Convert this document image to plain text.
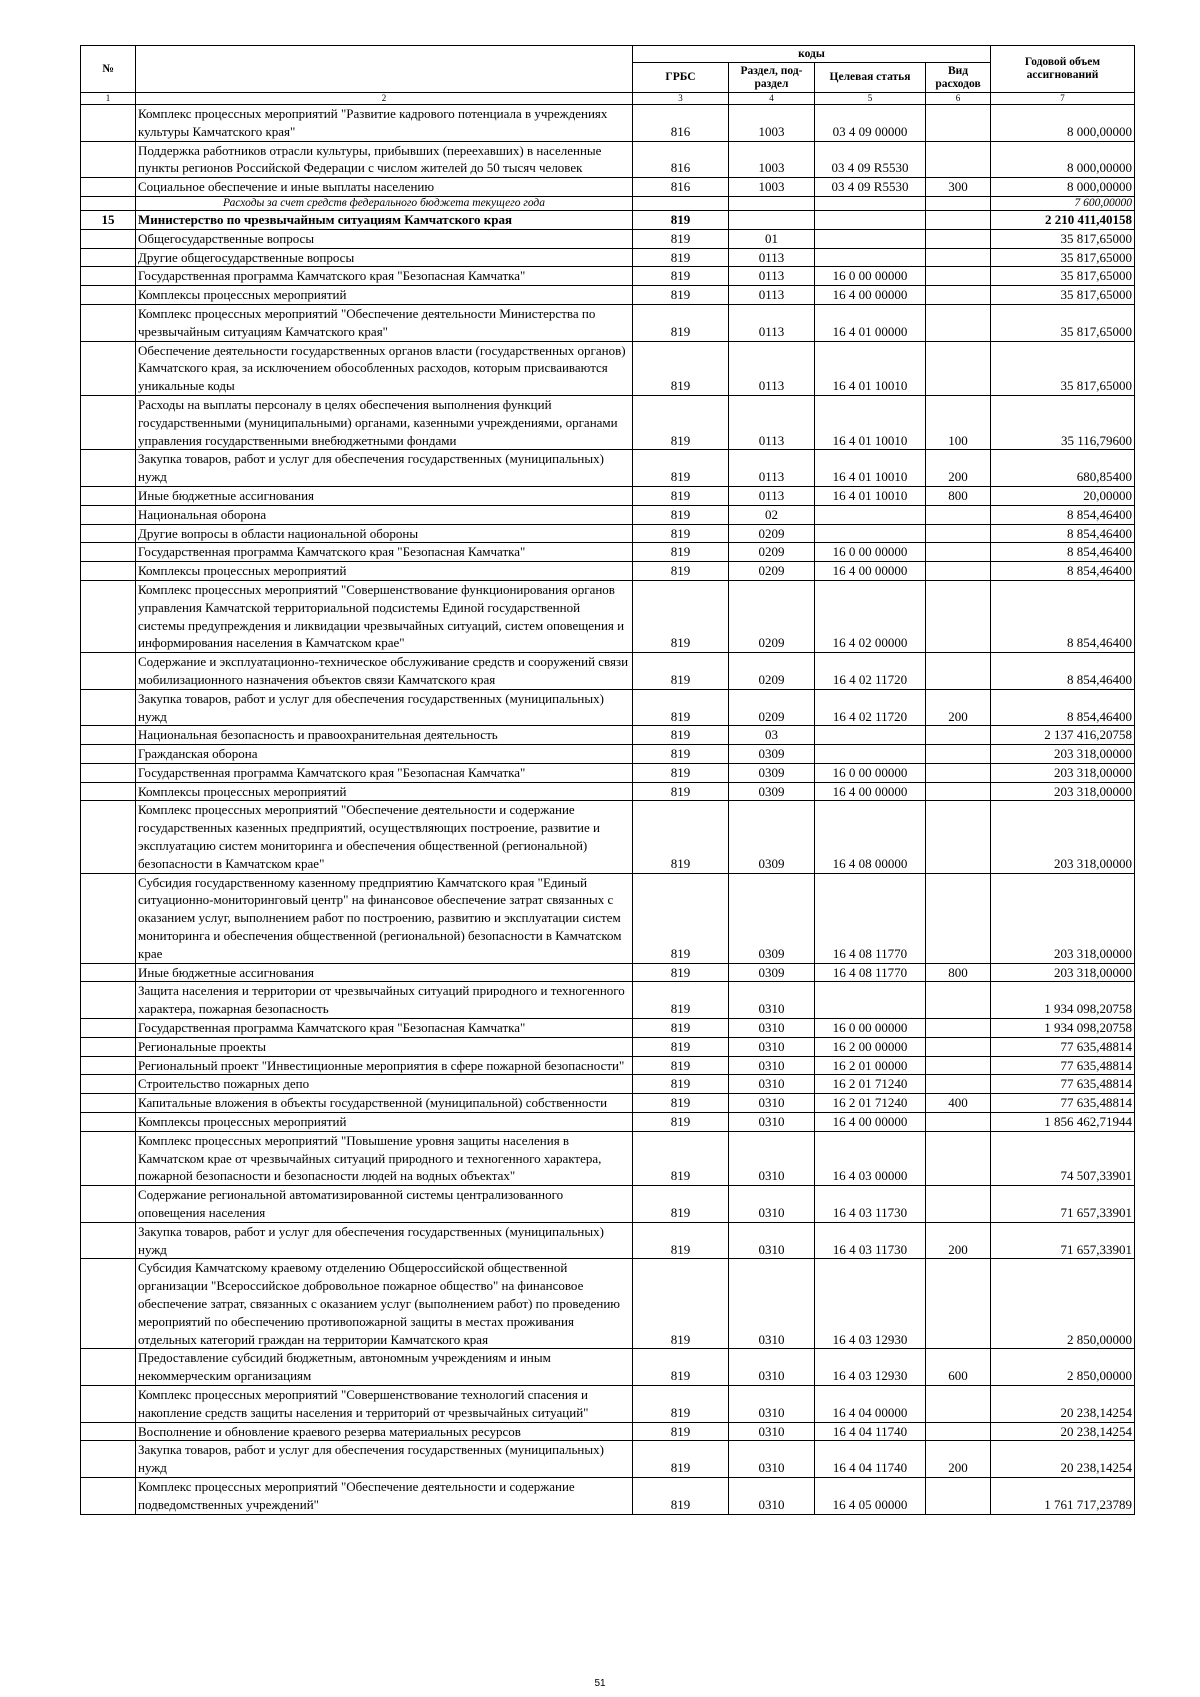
№		коды				Годовой объем ассигнований
		ГРБС	Раздел, под-раздел	Целевая статья	Вид расходов	
1	2	3	4	5	6	7
	Комплекс процессных мероприятий "Развитие кадрового потенциала в учреждениях культуры Камчатского края"	816	1003	03 4 09 00000		8 000,00000
	Поддержка работников отрасли культуры, прибывших (переехавших) в населенные пункты регионов Российской Федерации с числом жителей до 50 тысяч человек	816	1003	03 4 09 R5530		8 000,00000
	Социальное обеспечение и иные выплаты населению	816	1003	03 4 09 R5530	300	8 000,00000
	Расходы за счет средств федерального бюджета текущего года					7 600,00000
15	Министерство по чрезвычайным ситуациям Камчатского края	819				2 210 411,40158
	Общегосударственные вопросы	819	01			35 817,65000
	Другие общегосударственные вопросы	819	0113			35 817,65000
	Государственная программа Камчатского края "Безопасная Камчатка"	819	0113	16 0 00 00000		35 817,65000
	Комплексы процессных мероприятий	819	0113	16 4 00 00000		35 817,65000
	Комплекс процессных мероприятий "Обеспечение деятельности Министерства по чрезвычайным ситуациям Камчатского края"	819	0113	16 4 01 00000		35 817,65000
	Обеспечение деятельности государственных органов власти (государственных органов) Камчатского края, за исключением обособленных расходов, которым присваиваются уникальные коды	819	0113	16 4 01 10010		35 817,65000
	Расходы на выплаты персоналу в целях обеспечения выполнения функций государственными (муниципальными) органами, казенными учреждениями, органами управления государственными внебюджетными фондами	819	0113	16 4 01 10010	100	35 116,79600
	Закупка товаров, работ и услуг для обеспечения государственных (муниципальных) нужд	819	0113	16 4 01 10010	200	680,85400
	Иные бюджетные ассигнования	819	0113	16 4 01 10010	800	20,00000
	Национальная оборона	819	02			8 854,46400
	Другие вопросы в области национальной обороны	819	0209			8 854,46400
	Государственная программа Камчатского края "Безопасная Камчатка"	819	0209	16 0 00 00000		8 854,46400
	Комплексы процессных мероприятий	819	0209	16 4 00 00000		8 854,46400
	Комплекс процессных мероприятий "Совершенствование функционирования органов управления Камчатской территориальной подсистемы Единой государственной системы предупреждения и ликвидации чрезвычайных ситуаций, систем оповещения и информирования населения в Камчатском крае"	819	0209	16 4 02 00000		8 854,46400
	Содержание и эксплуатационно-техническое обслуживание средств и сооружений связи мобилизационного назначения объектов связи Камчатского края	819	0209	16 4 02 11720		8 854,46400
	Закупка товаров, работ и услуг для обеспечения государственных (муниципальных) нужд	819	0209	16 4 02 11720	200	8 854,46400
	Национальная безопасность и правоохранительная деятельность	819	03			2 137 416,20758
	Гражданская оборона	819	0309			203 318,00000
	Государственная программа Камчатского края "Безопасная Камчатка"	819	0309	16 0 00 00000		203 318,00000
	Комплексы процессных мероприятий	819	0309	16 4 00 00000		203 318,00000
	Комплекс процессных мероприятий "Обеспечение деятельности и содержание государственных казенных предприятий, осуществляющих построение, развитие и эксплуатацию систем мониторинга и обеспечения общественной (региональной) безопасности в Камчатском крае"	819	0309	16 4 08 00000		203 318,00000
	Субсидия государственному казенному предприятию Камчатского края "Единый ситуационно-мониторинговый центр" на финансовое обеспечение затрат связанных с оказанием услуг, выполнением работ по построению, развитию и эксплуатации систем мониторинга и обеспечения общественной (региональной) безопасности в Камчатском крае	819	0309	16 4 08 11770		203 318,00000
	Иные бюджетные ассигнования	819	0309	16 4 08 11770	800	203 318,00000
	Защита населения и территории от чрезвычайных ситуаций природного и техногенного характера, пожарная безопасность	819	0310			1 934 098,20758
	Государственная программа Камчатского края "Безопасная Камчатка"	819	0310	16 0 00 00000		1 934 098,20758
	Региональные проекты	819	0310	16 2 00 00000		77 635,48814
	Региональный проект "Инвестиционные мероприятия в сфере пожарной безопасности"	819	0310	16 2 01 00000		77 635,48814
	Строительство пожарных депо	819	0310	16 2 01 71240		77 635,48814
	Капитальные вложения в объекты государственной (муниципальной) собственности	819	0310	16 2 01 71240	400	77 635,48814
	Комплексы процессных мероприятий	819	0310	16 4 00 00000		1 856 462,71944
	Комплекс процессных мероприятий "Повышение уровня защиты населения в Камчатском крае от чрезвычайных ситуаций природного и техногенного характера, пожарной безопасности и безопасности людей на водных объектах"	819	0310	16 4 03 00000		74 507,33901
	Содержание региональной автоматизированной системы централизованного оповещения населения	819	0310	16 4 03 11730		71 657,33901
	Закупка товаров, работ и услуг для обеспечения государственных (муниципальных) нужд	819	0310	16 4 03 11730	200	71 657,33901
	Субсидия Камчатскому краевому отделению Общероссийской общественной организации "Всероссийское добровольное пожарное общество" на финансовое обеспечение затрат, связанных с оказанием услуг (выполнением работ) по проведению мероприятий по обеспечению противопожарной защиты в местах проживания отдельных категорий граждан на территории Камчатского края	819	0310	16 4 03 12930		2 850,00000
	Предоставление субсидий бюджетным, автономным учреждениям и иным некоммерческим организациям	819	0310	16 4 03 12930	600	2 850,00000
	Комплекс процессных мероприятий "Совершенствование технологий спасения и накопление средств защиты населения и территорий от чрезвычайных ситуаций"	819	0310	16 4 04 00000		20 238,14254
	Восполнение и обновление краевого резерва материальных ресурсов	819	0310	16 4 04 11740		20 238,14254
	Закупка товаров, работ и услуг для обеспечения государственных (муниципальных) нужд	819	0310	16 4 04 11740	200	20 238,14254
	Комплекс процессных мероприятий "Обеспечение деятельности и содержание подведомственных учреждений"	819	0310	16 4 05 00000		1 761 717,23789
51
